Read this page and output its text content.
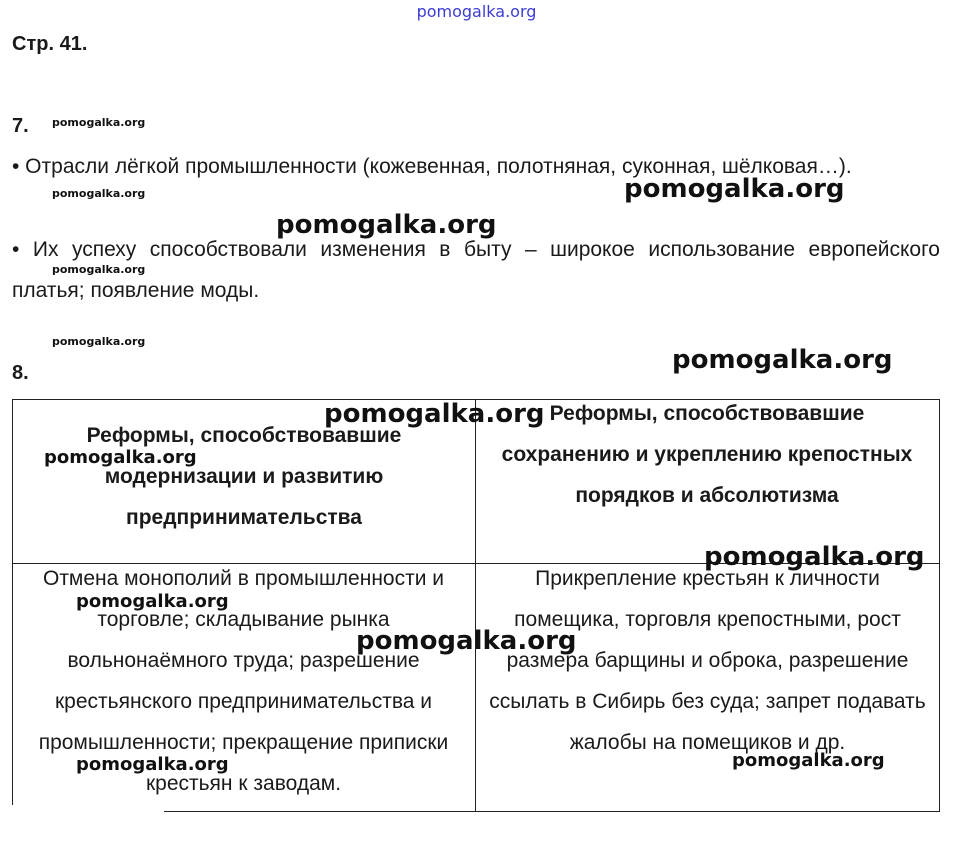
pomogalka.org
Стр. 41.
7.
• Отрасли лёгкой промышленности (кожевенная, полотняная, суконная, шёлковая…).
• Их успеху способствовали изменения в быту – широкое использование европейского платья; появление моды.
8.
Реформы, способствовавшие модернизации и развитию предпринимательства
Реформы, способствовавшие сохранению и укреплению крепостных порядков и абсолютизма
Отмена монополий в промышленности и торговле; складывание рынка вольнонаёмного труда; разрешение крестьянского предпринимательства и промышленности; прекращение приписки крестьян к заводам.
Прикрепление крестьян к личности помещика, торговля крепостными, рост размера барщины и оброка, разрешение ссылать в Сибирь без суда; запрет подавать жалобы на помещиков и др.
pomogalka.org
pomogalka.org
pomogalka.org
pomogalka.org
pomogalka.org
pomogalka.org
pomogalka.org
pomogalka.org
pomogalka.org
pomogalka.org
pomogalka.org
pomogalka.org
pomogalka.org	pomogalka.org
